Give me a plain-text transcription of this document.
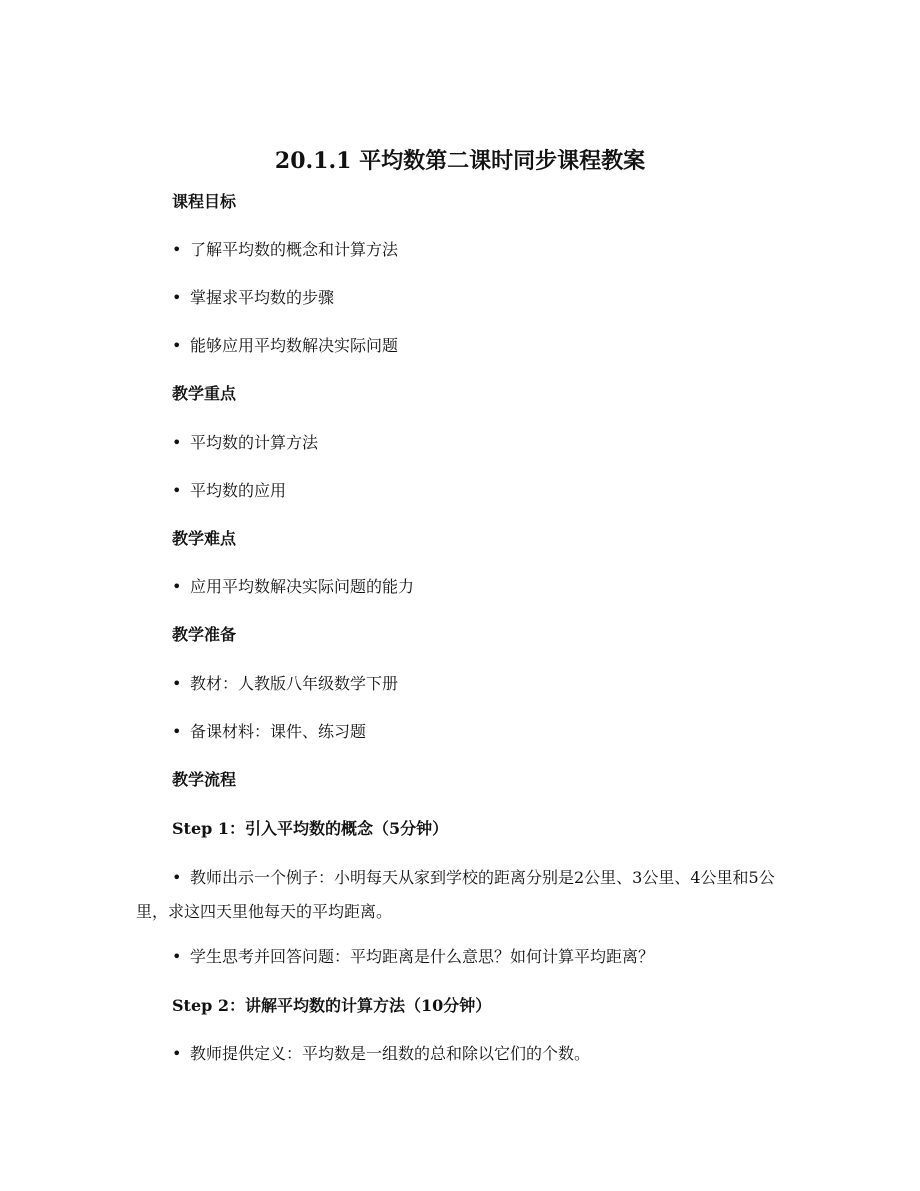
20.1.1 平均数第二课时同步课程教案
课程目标
• 了解平均数的概念和计算方法
• 掌握求平均数的步骤
• 能够应用平均数解决实际问题
教学重点
• 平均数的计算方法
• 平均数的应用
教学难点
• 应用平均数解决实际问题的能力
教学准备
• 教材：人教版八年级数学下册
• 备课材料：课件、练习题
教学流程
Step 1：引入平均数的概念（5分钟）
• 教师出示一个例子：小明每天从家到学校的距离分别是2公里、3公里、4公里和5公里，求这四天里他每天的平均距离。
• 学生思考并回答问题：平均距离是什么意思？如何计算平均距离？
Step 2：讲解平均数的计算方法（10分钟）
• 教师提供定义：平均数是一组数的总和除以它们的个数。
